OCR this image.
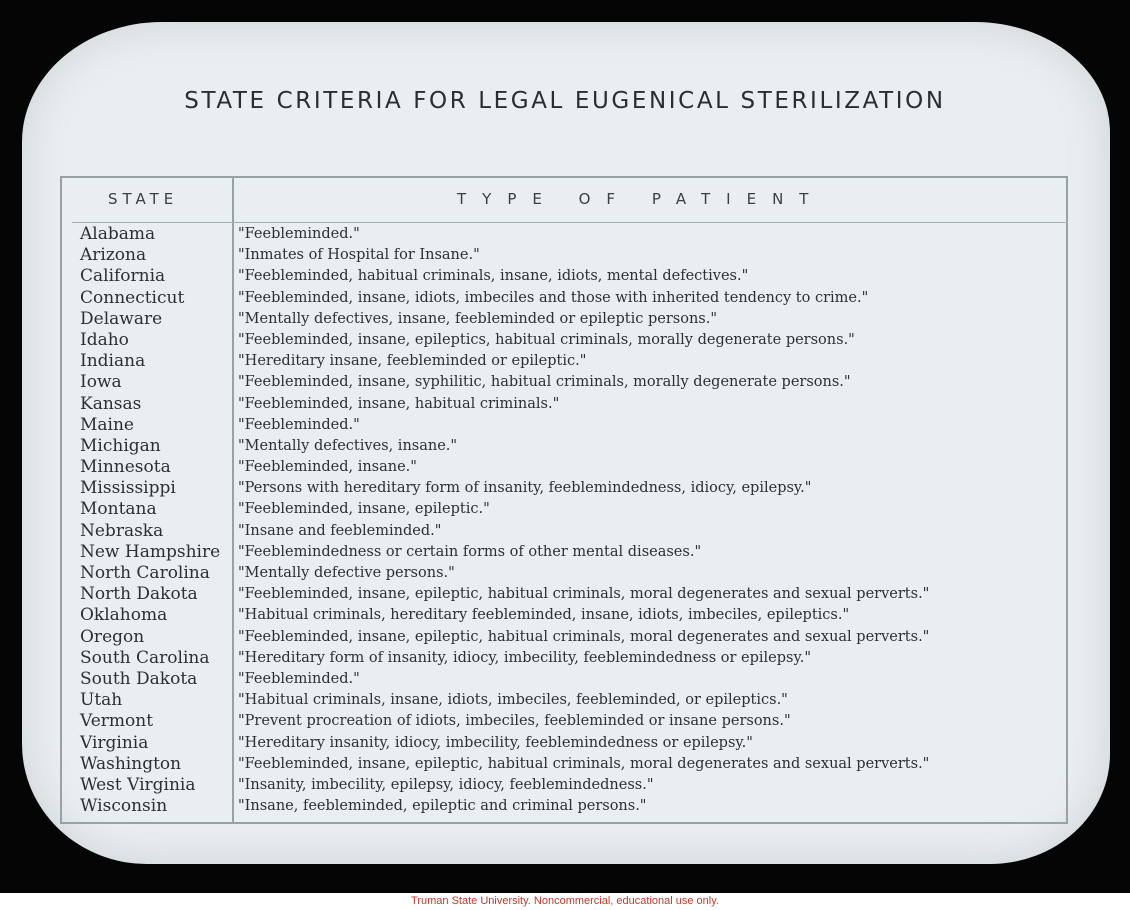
STATE CRITERIA FOR LEGAL EUGENICAL STERILIZATION
STATE	TYPE OF PATIENT
Alabama	"Feebleminded."
Arizona	"Inmates of Hospital for Insane."
California	"Feebleminded, habitual criminals, insane, idiots, mental defectives."
Connecticut	"Feebleminded, insane, idiots, imbeciles and those with inherited tendency to crime."
Delaware	"Mentally defectives, insane, feebleminded or epileptic persons."
Idaho	"Feebleminded, insane, epileptics, habitual criminals, morally degenerate persons."
Indiana	"Hereditary insane, feebleminded or epileptic."
Iowa	"Feebleminded, insane, syphilitic, habitual criminals, morally degenerate persons."
Kansas	"Feebleminded, insane, habitual criminals."
Maine	"Feebleminded."
Michigan	"Mentally defectives, insane."
Minnesota	"Feebleminded, insane."
Mississippi	"Persons with hereditary form of insanity, feeblemindedness, idiocy, epilepsy."
Montana	"Feebleminded, insane, epileptic."
Nebraska	"Insane and feebleminded."
New Hampshire	"Feeblemindedness or certain forms of other mental diseases."
North Carolina	"Mentally defective persons."
North Dakota	"Feebleminded, insane, epileptic, habitual criminals, moral degenerates and sexual perverts."
Oklahoma	"Habitual criminals, hereditary feebleminded, insane, idiots, imbeciles, epileptics."
Oregon	"Feebleminded, insane, epileptic, habitual criminals, moral degenerates and sexual perverts."
South Carolina	"Hereditary form of insanity, idiocy, imbecility, feeblemindedness or epilepsy."
South Dakota	"Feebleminded."
Utah	"Habitual criminals, insane, idiots, imbeciles, feebleminded, or epileptics."
Vermont	"Prevent procreation of idiots, imbeciles, feebleminded or insane persons."
Virginia	"Hereditary insanity, idiocy, imbecility, feeblemindedness or epilepsy."
Washington	"Feebleminded, insane, epileptic, habitual criminals, moral degenerates and sexual perverts."
West Virginia	"Insanity, imbecility, epilepsy, idiocy, feeblemindedness."
Wisconsin	"Insane, feebleminded, epileptic and criminal persons."
Truman State University. Noncommercial, educational use only.
